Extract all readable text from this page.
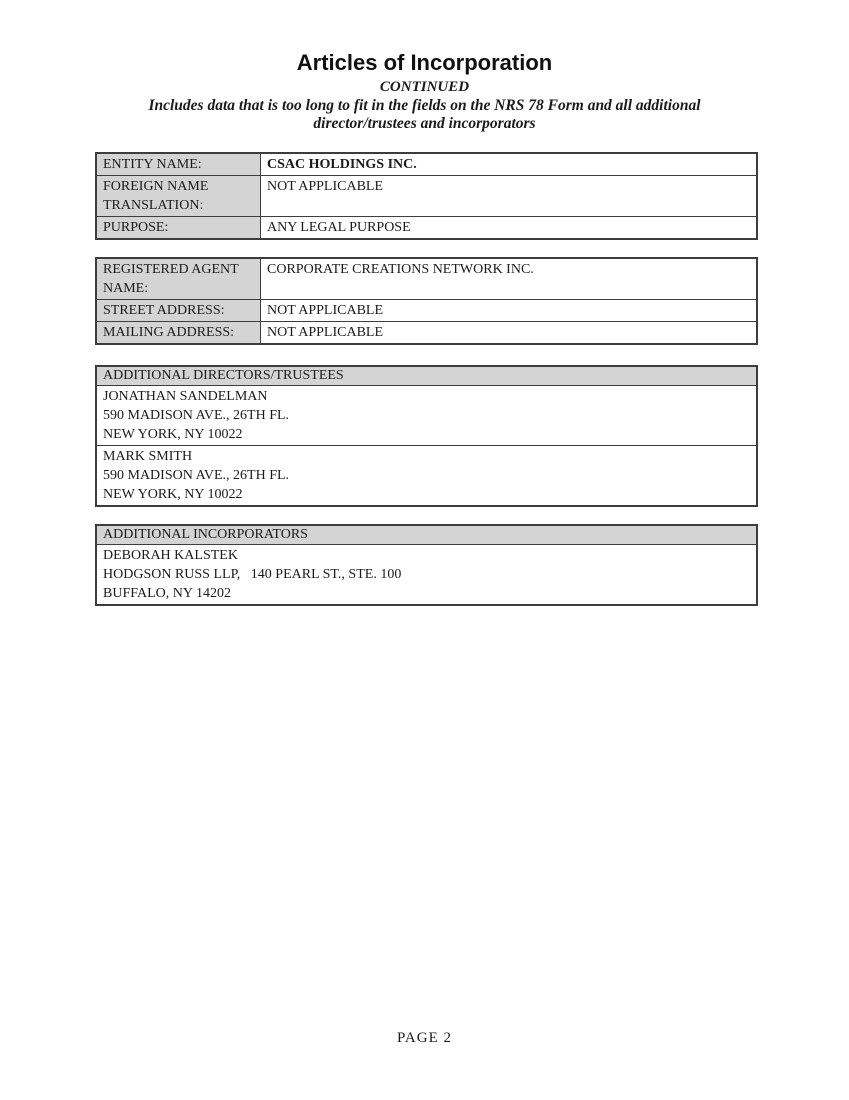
Articles of Incorporation
CONTINUED
Includes data that is too long to fit in the fields on the NRS 78 Form and all additional
director/trustees and incorporators
ENTITY NAME:	CSAC HOLDINGS INC.
FOREIGN NAME TRANSLATION:	NOT APPLICABLE
PURPOSE:	ANY LEGAL PURPOSE
REGISTERED AGENT NAME:	CORPORATE CREATIONS NETWORK INC.
STREET ADDRESS:	NOT APPLICABLE
MAILING ADDRESS:	NOT APPLICABLE
ADDITIONAL DIRECTORS/TRUSTEES

JONATHAN SANDELMAN
590 MADISON AVE., 26TH FL.
NEW YORK, NY 10022

MARK SMITH
590 MADISON AVE., 26TH FL.
NEW YORK, NY 10022
ADDITIONAL INCORPORATORS

DEBORAH KALSTEK
HODGSON RUSS LLP,   140 PEARL ST., STE. 100
BUFFALO, NY 14202
PAGE 2
